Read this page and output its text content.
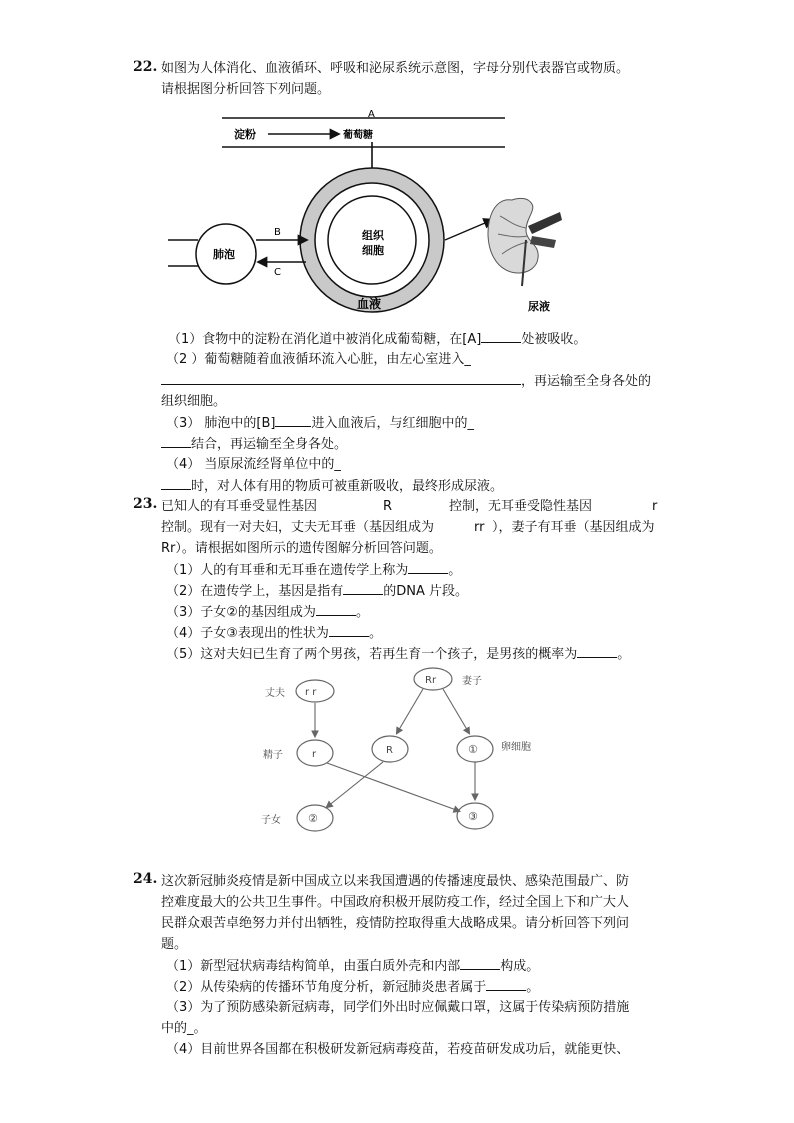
22. 如图为人体消化、血液循环、呼吸和泌尿系统示意图，字母分别代表器官或物质。
请根据图分析回答下列问题。
A
淀粉	葡萄糖
组织
细胞
血液
肺泡
B
C
尿液
（1）食物中的淀粉在消化道中被消化成葡萄糖，在[A]	处被吸收。
（2 ）葡萄糖随着血液循环流入心脏，由左心室进入_
，再运输至全身各处的
组织细胞。
（3） 肺泡中的[B]	进入血液后，与红细胞中的_
结合，再运输至全身各处。
（4） 当原尿流经肾单位中的_
时，对人体有用的物质可被重新吸收，最终形成尿液。
23. 已知人的有耳垂受显性基因	R	控制，无耳垂受隐性基因	r
控制。现有一对夫妇，丈夫无耳垂（基因组成为	rr ），妻子有耳垂（基因组成为
Rr）。请根据如图所示的遗传图解分析回答问题。
（1）人的有耳垂和无耳垂在遗传学上称为	。
（2）在遗传学上，基因是指有	的DNA 片段。
（3）子女②的基因组成为	。
（4）子女③表现出的性状为	。
（5）这对夫妇已生育了两个男孩，若再生育一个孩子，是男孩的概率为	。
丈夫
妻子
精子
卵细胞
子女
r r
Rr
r	R	①
②	③
24. 这次新冠肺炎疫情是新中国成立以来我国遭遇的传播速度最快、感染范围最广、防
控难度最大的公共卫生事件。中国政府积极开展防疫工作，经过全国上下和广大人
民群众艰苦卓绝努力并付出牺牲，疫情防控取得重大战略成果。请分析回答下列问
题。
（1）新型冠状病毒结构简单，由蛋白质外壳和内部	构成。
（2）从传染病的传播环节角度分析，新冠肺炎患者属于	。
（3）为了预防感染新冠病毒，同学们外出时应佩戴口罩，这属于传染病预防措施
中的_。
（4）目前世界各国都在积极研发新冠病毒疫苗，若疫苗研发成功后，就能更快、
